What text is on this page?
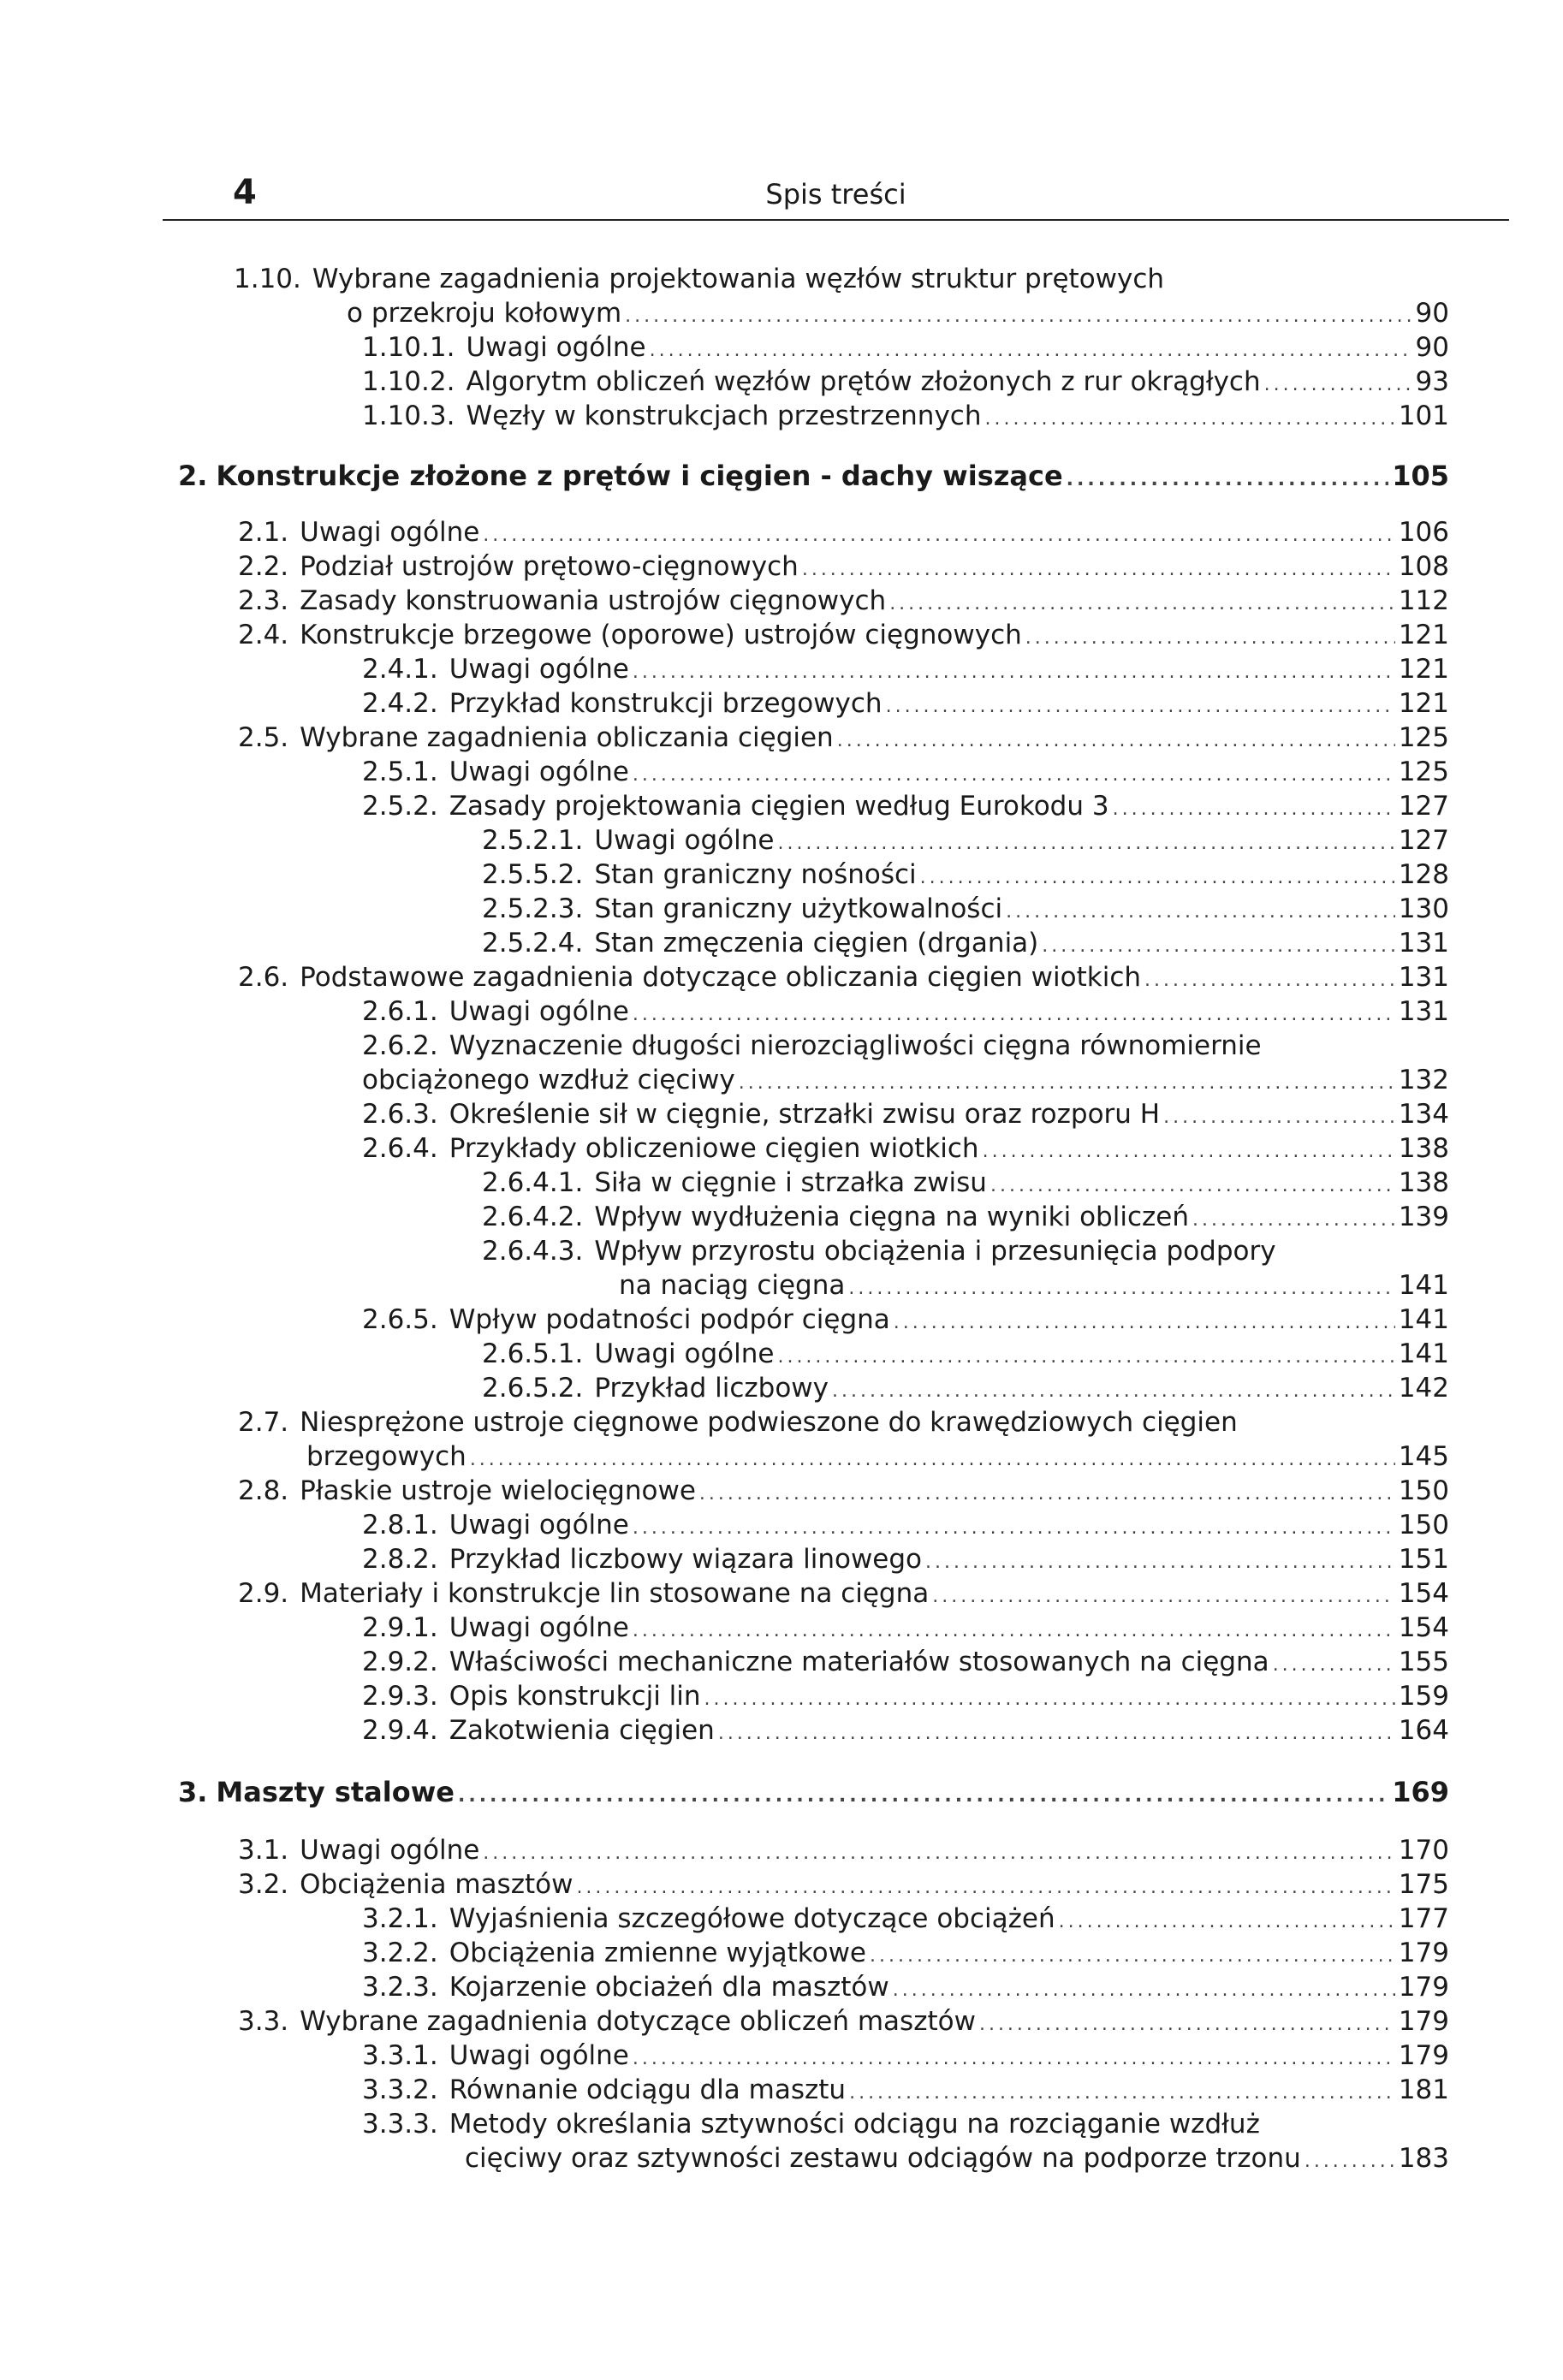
4	Spis treści
1.10. Wybrane zagadnienia projektowania węzłów struktur prętowych
o przekroju kołowym .....	90
1.10.1. Uwagi ogólne .....	90
1.10.2. Algorytm obliczeń węzłów prętów złożonych z rur okrągłych .....	93
1.10.3. Węzły w konstrukcjach przestrzennych .....	101
2. Konstrukcje złożone z prętów i cięgien - dachy wiszące .....	105
2.1. Uwagi ogólne .....	106
2.2. Podział ustrojów prętowo-cięgnowych .....	108
2.3. Zasady konstruowania ustrojów cięgnowych .....	112
2.4. Konstrukcje brzegowe (oporowe) ustrojów cięgnowych .....	121
2.4.1. Uwagi ogólne .....	121
2.4.2. Przykład konstrukcji brzegowych .....	121
2.5. Wybrane zagadnienia obliczania cięgien .....	125
2.5.1. Uwagi ogólne .....	125
2.5.2. Zasady projektowania cięgien według Eurokodu 3 .....	127
2.5.2.1. Uwagi ogólne .....	127
2.5.5.2. Stan graniczny nośności .....	128
2.5.2.3. Stan graniczny użytkowalności .....	130
2.5.2.4. Stan zmęczenia cięgien (drgania) .....	131
2.6. Podstawowe zagadnienia dotyczące obliczania cięgien wiotkich .....	131
2.6.1. Uwagi ogólne .....	131
2.6.2. Wyznaczenie długości nierozciągliwości cięgna równomiernie
obciążonego wzdłuż cięciwy .....	132
2.6.3. Określenie sił w cięgnie, strzałki zwisu oraz rozporu H .....	134
2.6.4. Przykłady obliczeniowe cięgien wiotkich .....	138
2.6.4.1. Siła w cięgnie i strzałka zwisu .....	138
2.6.4.2. Wpływ wydłużenia cięgna na wyniki obliczeń .....	139
2.6.4.3. Wpływ przyrostu obciążenia i przesunięcia podpory
na naciąg cięgna .....	141
2.6.5. Wpływ podatności podpór cięgna .....	141
2.6.5.1. Uwagi ogólne .....	141
2.6.5.2. Przykład liczbowy .....	142
2.7. Niesprężone ustroje cięgnowe podwieszone do krawędziowych cięgien
brzegowych .....	145
2.8. Płaskie ustroje wielocięgnowe .....	150
2.8.1. Uwagi ogólne .....	150
2.8.2. Przykład liczbowy wiązara linowego .....	151
2.9. Materiały i konstrukcje lin stosowane na cięgna .....	154
2.9.1. Uwagi ogólne .....	154
2.9.2. Właściwości mechaniczne materiałów stosowanych na cięgna .....	155
2.9.3. Opis konstrukcji lin .....	159
2.9.4. Zakotwienia cięgien .....	164
3. Maszty stalowe .....	169
3.1. Uwagi ogólne .....	170
3.2. Obciążenia masztów .....	175
3.2.1. Wyjaśnienia szczegółowe dotyczące obciążeń .....	177
3.2.2. Obciążenia zmienne wyjątkowe .....	179
3.2.3. Kojarzenie obciażeń dla masztów .....	179
3.3. Wybrane zagadnienia dotyczące obliczeń masztów .....	179
3.3.1. Uwagi ogólne .....	179
3.3.2. Równanie odciągu dla masztu .....	181
3.3.3. Metody określania sztywności odciągu na rozciąganie wzdłuż
cięciwy oraz sztywności zestawu odciągów na podporze trzonu .....	183
